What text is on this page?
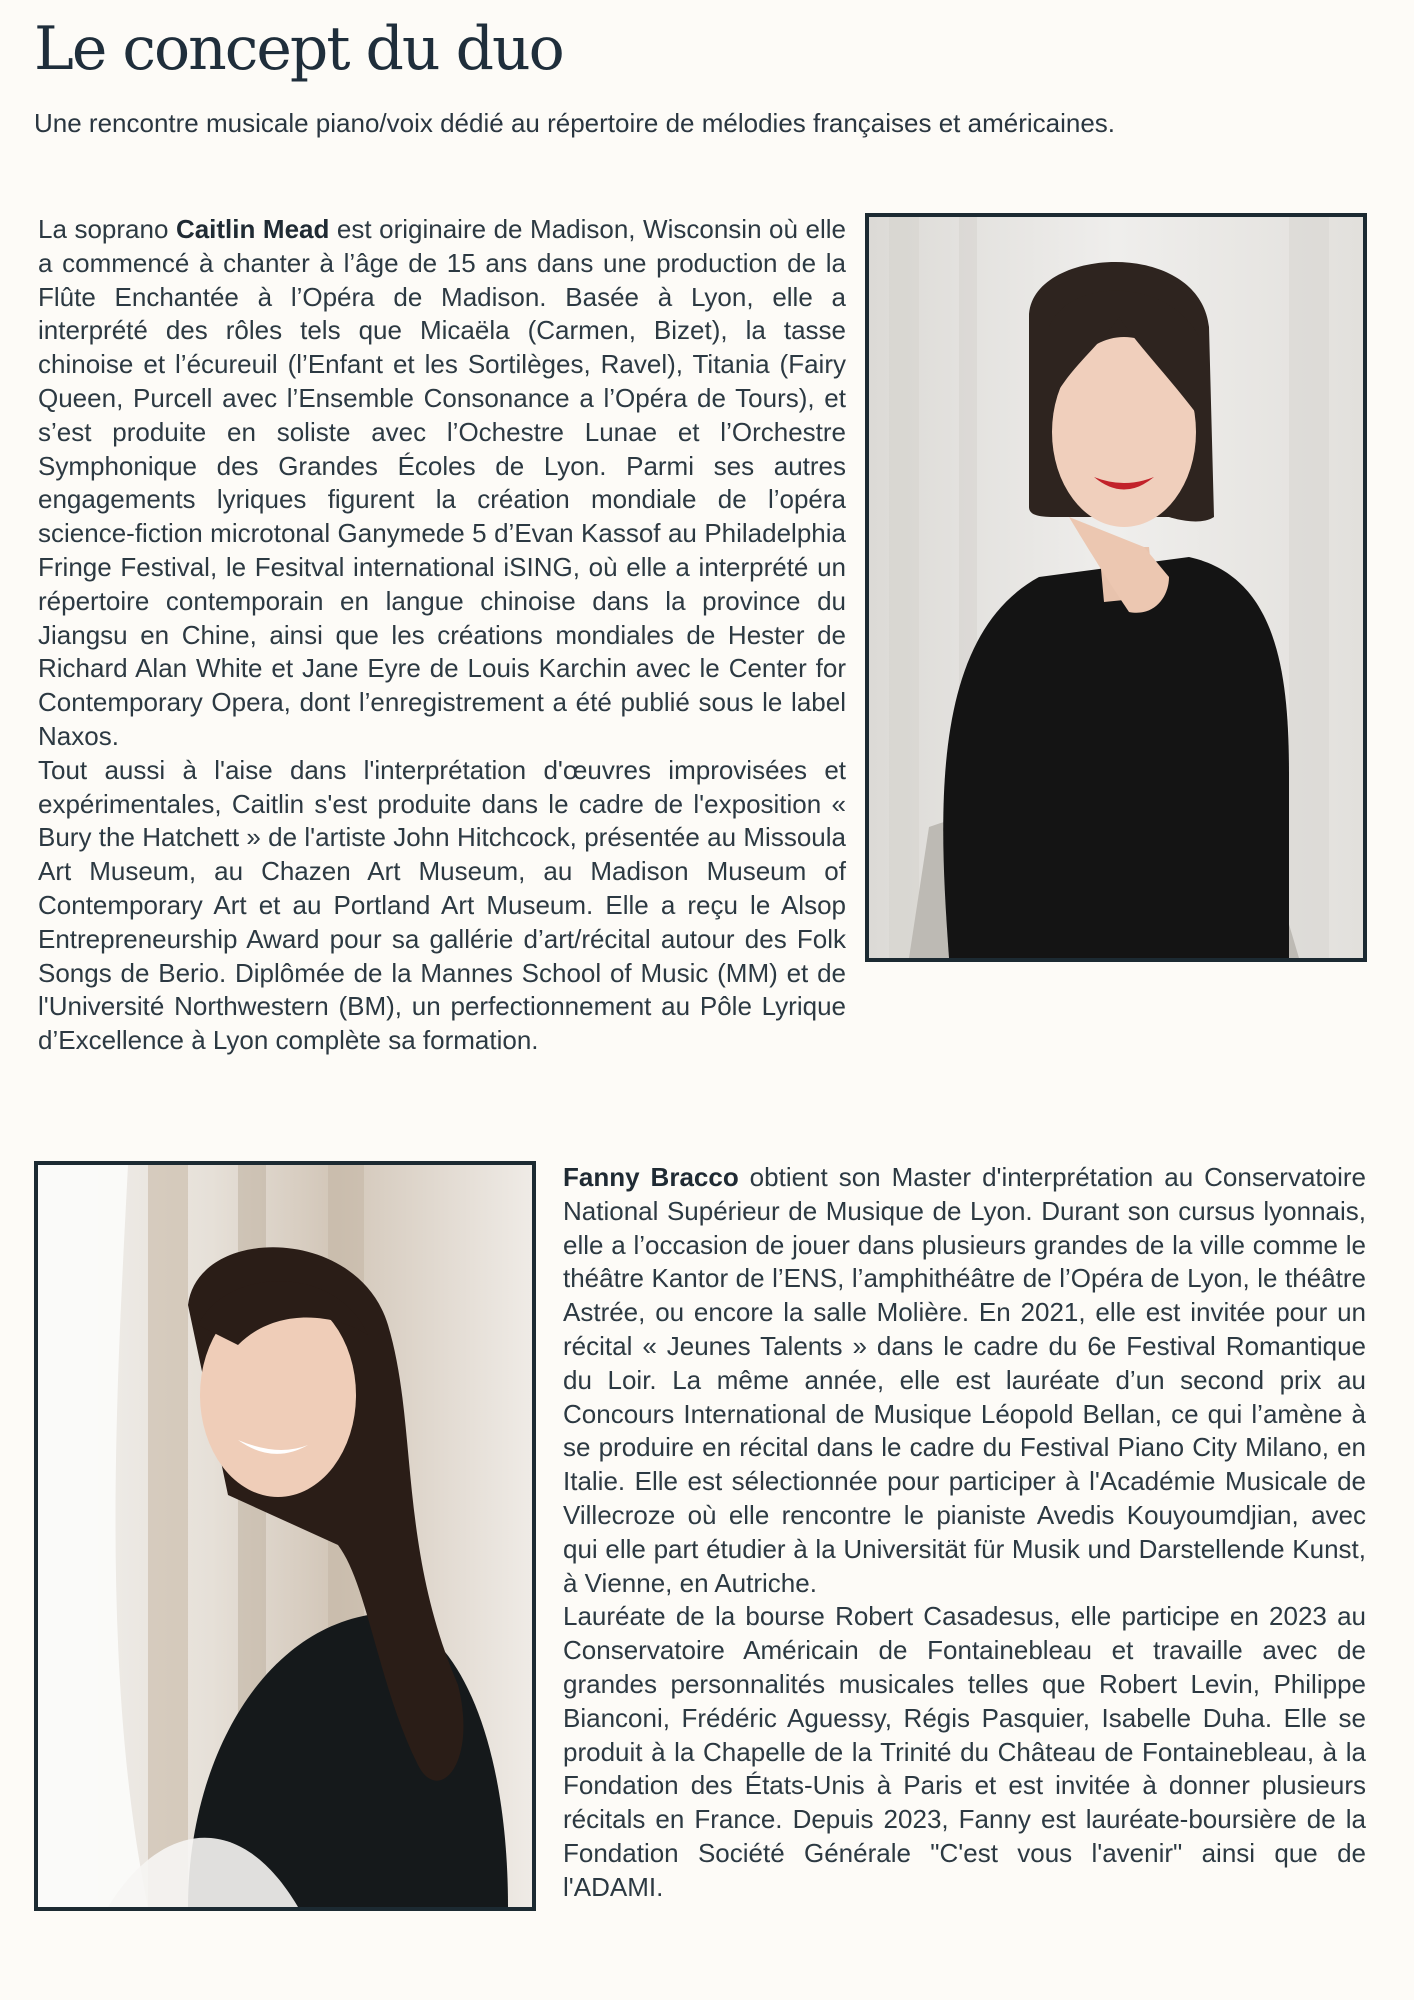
Le concept du duo

Une rencontre musicale piano/voix dédié au répertoire de mélodies françaises et américaines.

La soprano Caitlin Mead est originaire de Madison, Wisconsin où elle a commencé à chanter à l’âge de 15 ans dans une production de la Flûte Enchantée à l’Opéra de Madison. Basée à Lyon, elle a interprété des rôles tels que Micaëla (Carmen, Bizet), la tasse chinoise et l’écureuil (l’Enfant et les Sortilèges, Ravel), Titania (Fairy Queen, Purcell avec l’Ensemble Consonance a l’Opéra de Tours), et s’est produite en soliste avec l’Ochestre Lunae et l’Orchestre Symphonique des Grandes Écoles de Lyon. Parmi ses autres engagements lyriques figurent la création mondiale de l’opéra science-fiction microtonal Ganymede 5 d’Evan Kassof au Philadelphia Fringe Festival, le Fesitval international iSING, où elle a interprété un répertoire contemporain en langue chinoise dans la province du Jiangsu en Chine, ainsi que les créations mondiales de Hester de Richard Alan White et Jane Eyre de Louis Karchin avec le Center for Contemporary Opera, dont l’enregistrement a été publié sous le label Naxos.

Tout aussi à l'aise dans l'interprétation d'œuvres improvisées et expérimentales, Caitlin s'est produite dans le cadre de l'exposition « Bury the Hatchett » de l'artiste John Hitchcock, présentée au Missoula Art Museum, au Chazen Art Museum, au Madison Museum of Contemporary Art et au Portland Art Museum. Elle a reçu le Alsop Entrepreneurship Award pour sa gallérie d’art/récital autour des Folk Songs de Berio. Diplômée de la Mannes School of Music (MM) et de l'Université Northwestern (BM), un perfectionnement au Pôle Lyrique d’Excellence à Lyon complète sa formation.

Fanny Bracco obtient son Master d'interprétation au Conservatoire National Supérieur de Musique de Lyon. Durant son cursus lyonnais, elle a l’occasion de jouer dans plusieurs grandes de la ville comme le théâtre Kantor de l’ENS, l’amphithéâtre de l’Opéra de Lyon, le théâtre Astrée, ou encore la salle Molière. En 2021, elle est invitée pour un récital « Jeunes Talents » dans le cadre du 6e Festival Romantique du Loir. La même année, elle est lauréate d’un second prix au Concours International de Musique Léopold Bellan, ce qui l’amène à se produire en récital dans le cadre du Festival Piano City Milano, en Italie. Elle est sélectionnée pour participer à l'Académie Musicale de Villecroze où elle rencontre le pianiste Avedis Kouyoumdjian, avec qui elle part étudier à la Universität für Musik und Darstellende Kunst, à Vienne, en Autriche.

Lauréate de la bourse Robert Casadesus, elle participe en 2023 au Conservatoire Américain de Fontainebleau et travaille avec de grandes personnalités musicales telles que Robert Levin, Philippe Bianconi, Frédéric Aguessy, Régis Pasquier, Isabelle Duha. Elle se produit à la Chapelle de la Trinité du Château de Fontainebleau, à la Fondation des États-Unis à Paris et est invitée à donner plusieurs récitals en France. Depuis 2023, Fanny est lauréate-boursière de la Fondation Société Générale "C'est vous l'avenir" ainsi que de l'ADAMI.
